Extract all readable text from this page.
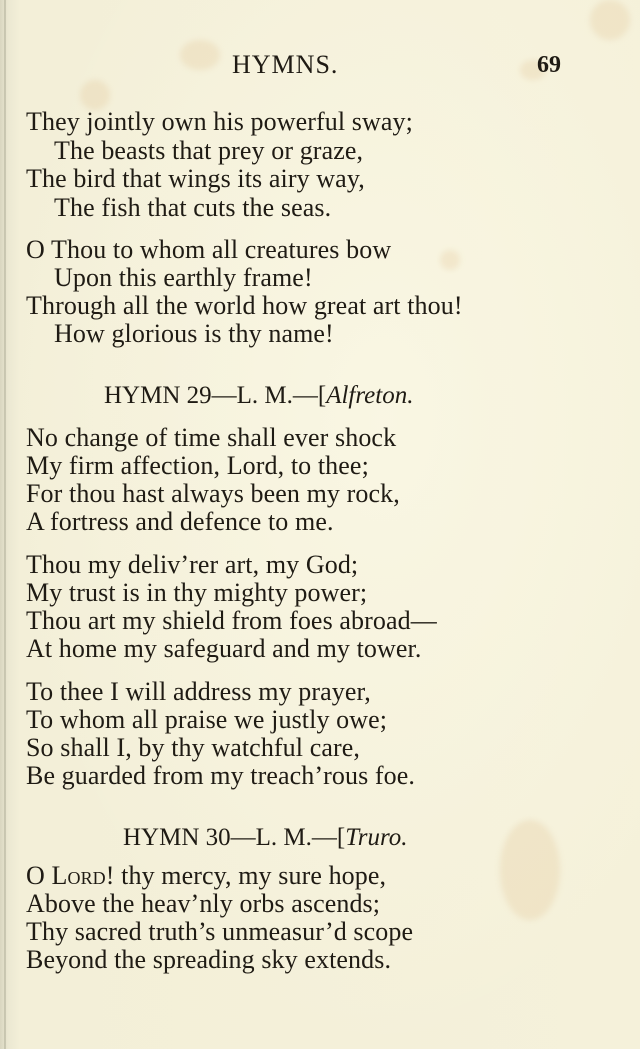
HYMNS.	69
They jointly own his powerful sway;
The beasts that prey or graze,
The bird that wings its airy way,
The fish that cuts the seas.
O Thou to whom all creatures bow
Upon this earthly frame!
Through all the world how great art thou!
How glorious is thy name!
HYMN 29—L. M.—[Alfreton.
No change of time shall ever shock
My firm affection, Lord, to thee;
For thou hast always been my rock,
A fortress and defence to me.
Thou my deliv’rer art, my God;
My trust is in thy mighty power;
Thou art my shield from foes abroad—
At home my safeguard and my tower.
To thee I will address my prayer,
To whom all praise we justly owe;
So shall I, by thy watchful care,
Be guarded from my treach’rous foe.
HYMN 30—L. M.—[Truro.
O Lord! thy mercy, my sure hope,
Above the heav’nly orbs ascends;
Thy sacred truth’s unmeasur’d scope
Beyond the spreading sky extends.
